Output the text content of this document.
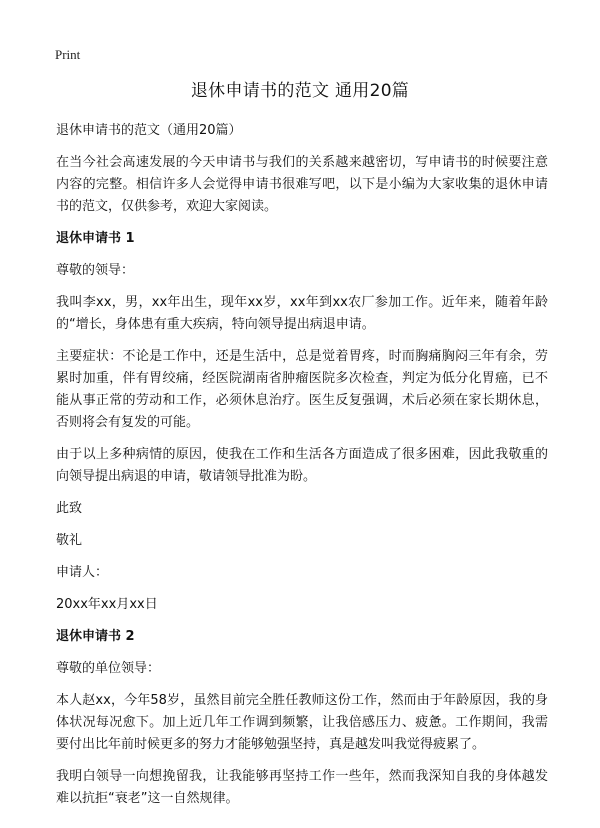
Print
退休申请书的范文 通用20篇

退休申请书的范文（通用20篇）

在当今社会高速发展的今天申请书与我们的关系越来越密切，写申请书的时候要注意内容的完整。相信许多人会觉得申请书很难写吧，以下是小编为大家收集的退休申请书的范文，仅供参考，欢迎大家阅读。

退休申请书 1

尊敬的领导：

我叫李xx，男，xx年出生，现年xx岁，xx年到xx农厂参加工作。近年来，随着年龄的“增长，身体患有重大疾病，特向领导提出病退申请。

主要症状：不论是工作中，还是生活中，总是觉着胃疼，时而胸痛胸闷三年有余，劳累时加重，伴有胃绞痛，经医院湖南省肿瘤医院多次检查，判定为低分化胃癌，已不能从事正常的劳动和工作，必须休息治疗。医生反复强调，术后必须在家长期休息，否则将会有复发的可能。

由于以上多种病情的原因，使我在工作和生活各方面造成了很多困难，因此我敬重的向领导提出病退的申请，敬请领导批准为盼。

此致

敬礼

申请人：

20xx年xx月xx日

退休申请书 2

尊敬的单位领导：

本人赵xx，今年58岁，虽然目前完全胜任教师这份工作，然而由于年龄原因，我的身体状况每况愈下。加上近几年工作调到频繁，让我倍感压力、疲惫。工作期间，我需要付出比年前时候更多的努力才能够勉强坚持，真是越发叫我觉得疲累了。

我明白领导一向想挽留我，让我能够再坚持工作一些年，然而我深知自我的身体越发难以抗拒“衰老”这一自然规律。
